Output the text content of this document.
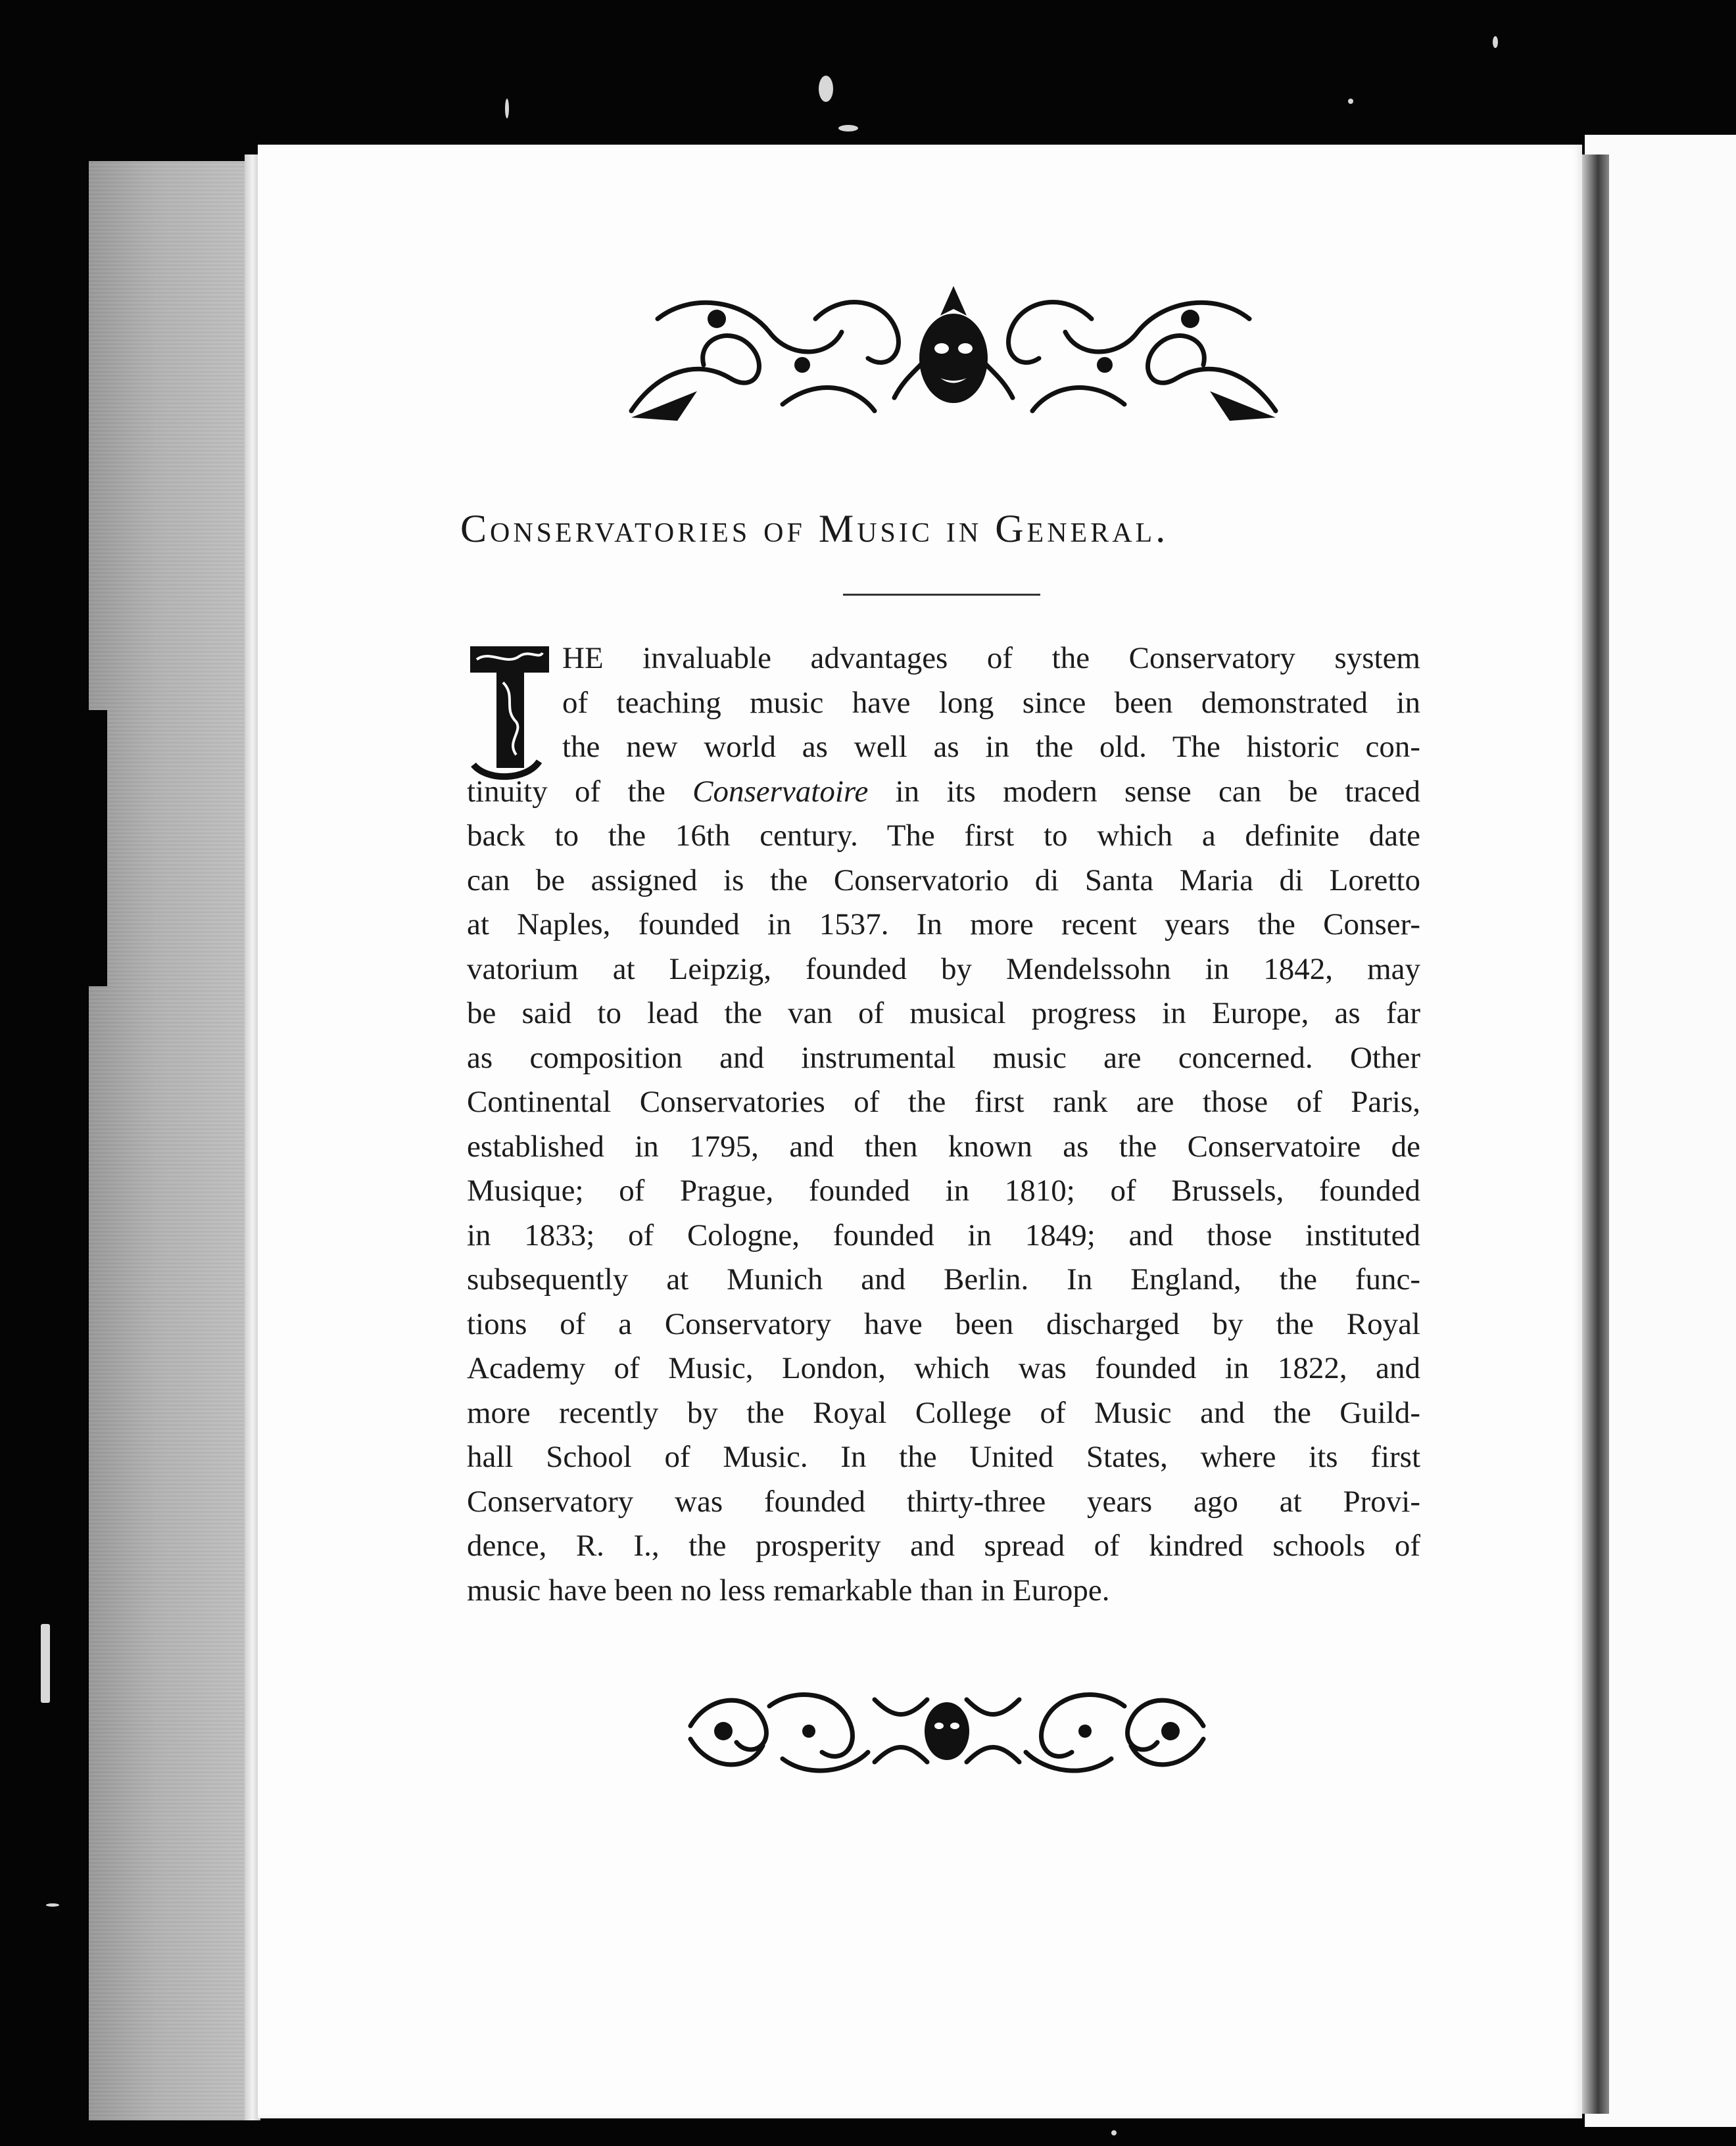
Conservatories of Music in General.
HE invaluable advantages of the Conservatory system
of teaching music have long since been demonstrated in
the new world as well as in the old. The historic con-
tinuity of the Conservatoire in its modern sense can be traced
back to the 16th century. The first to which a definite date
can be assigned is the Conservatorio di Santa Maria di Loretto
at Naples, founded in 1537. In more recent years the Conser-
vatorium at Leipzig, founded by Mendelssohn in 1842, may
be said to lead the van of musical progress in Europe, as far
as composition and instrumental music are concerned. Other
Continental Conservatories of the first rank are those of Paris,
established in 1795, and then known as the Conservatoire de
Musique; of Prague, founded in 1810; of Brussels, founded
in 1833; of Cologne, founded in 1849; and those instituted
subsequently at Munich and Berlin. In England, the func-
tions of a Conservatory have been discharged by the Royal
Academy of Music, London, which was founded in 1822, and
more recently by the Royal College of Music and the Guild-
hall School of Music. In the United States, where its first
Conservatory was founded thirty-three years ago at Provi-
dence, R. I., the prosperity and spread of kindred schools of
music have been no less remarkable than in Europe.
